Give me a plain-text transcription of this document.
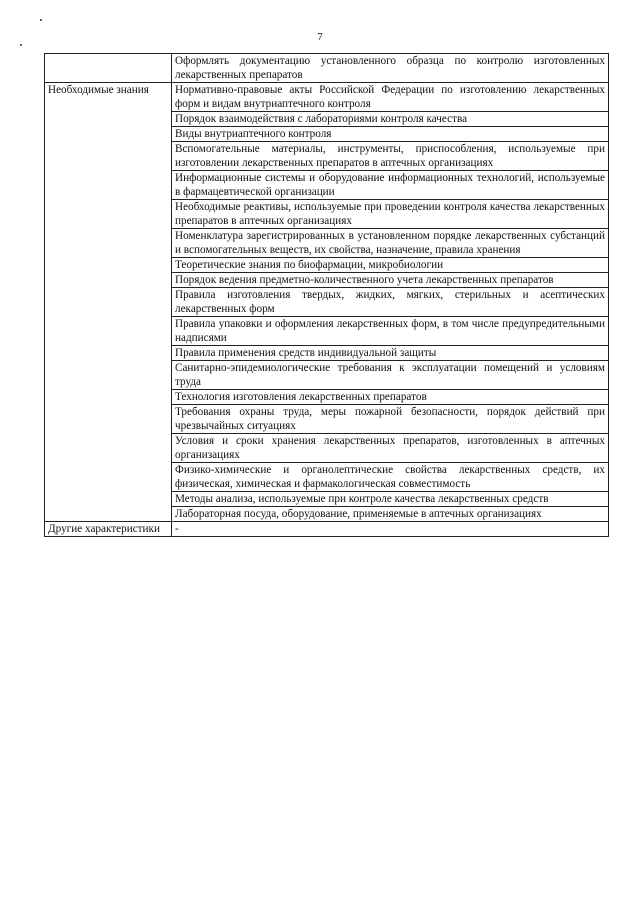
7

	Оформлять документацию установленного образца по контролю изготовленных лекарственных препаратов

Необходимые знания	Нормативно-правовые акты Российской Федерации по изготовлению лекарственных форм и видам внутриаптечного контроля

	Порядок взаимодействия с лабораториями контроля качества

	Виды внутриаптечного контроля

	Вспомогательные материалы, инструменты, приспособления, используемые при изготовлении лекарственных препаратов в аптечных организациях

	Информационные системы и оборудование информационных технологий, используемые в фармацевтической организации

	Необходимые реактивы, используемые при проведении контроля качества лекарственных препаратов в аптечных организациях

	Номенклатура зарегистрированных в установленном порядке лекарственных субстанций и вспомогательных веществ, их свойства, назначение, правила хранения

	Теоретические знания по биофармации, микробиологии

	Порядок ведения предметно-количественного учета лекарственных препаратов

	Правила изготовления твердых, жидких, мягких, стерильных и асептических лекарственных форм

	Правила упаковки и оформления лекарственных форм, в том числе предупредительными надписями

	Правила применения средств индивидуальной защиты

	Санитарно-эпидемиологические требования к эксплуатации помещений и условиям труда

	Технология изготовления лекарственных препаратов

	Требования охраны труда, меры пожарной безопасности, порядок действий при чрезвычайных ситуациях

	Условия и сроки хранения лекарственных препаратов, изготовленных в аптечных организациях

	Физико-химические и органолептические свойства лекарственных средств, их физическая, химическая и фармакологическая совместимость

	Методы анализа, используемые при контроле качества лекарственных средств

	Лабораторная посуда, оборудование, применяемые в аптечных организациях

Другие характеристики	-
